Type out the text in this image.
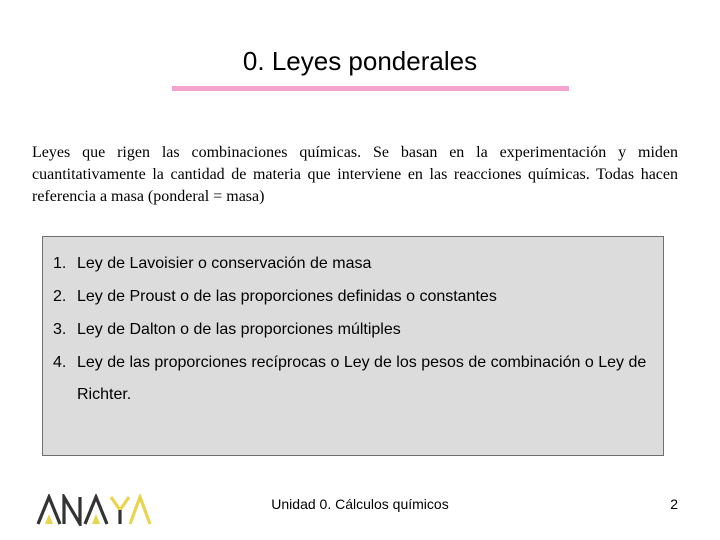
0. Leyes ponderales

Leyes que rigen las combinaciones químicas. Se basan en la experimentación y miden cuantitativamente la cantidad de materia que interviene en las reacciones químicas. Todas hacen referencia a masa (ponderal = masa)

1. Ley de Lavoisier o conservación de masa
2. Ley de Proust o de las proporciones definidas o constantes
3. Ley de Dalton o de las proporciones múltiples
4. Ley de las proporciones recíprocas o Ley de los pesos de combinación o Ley de Richter.
Unidad 0. Cálculos químicos	2
